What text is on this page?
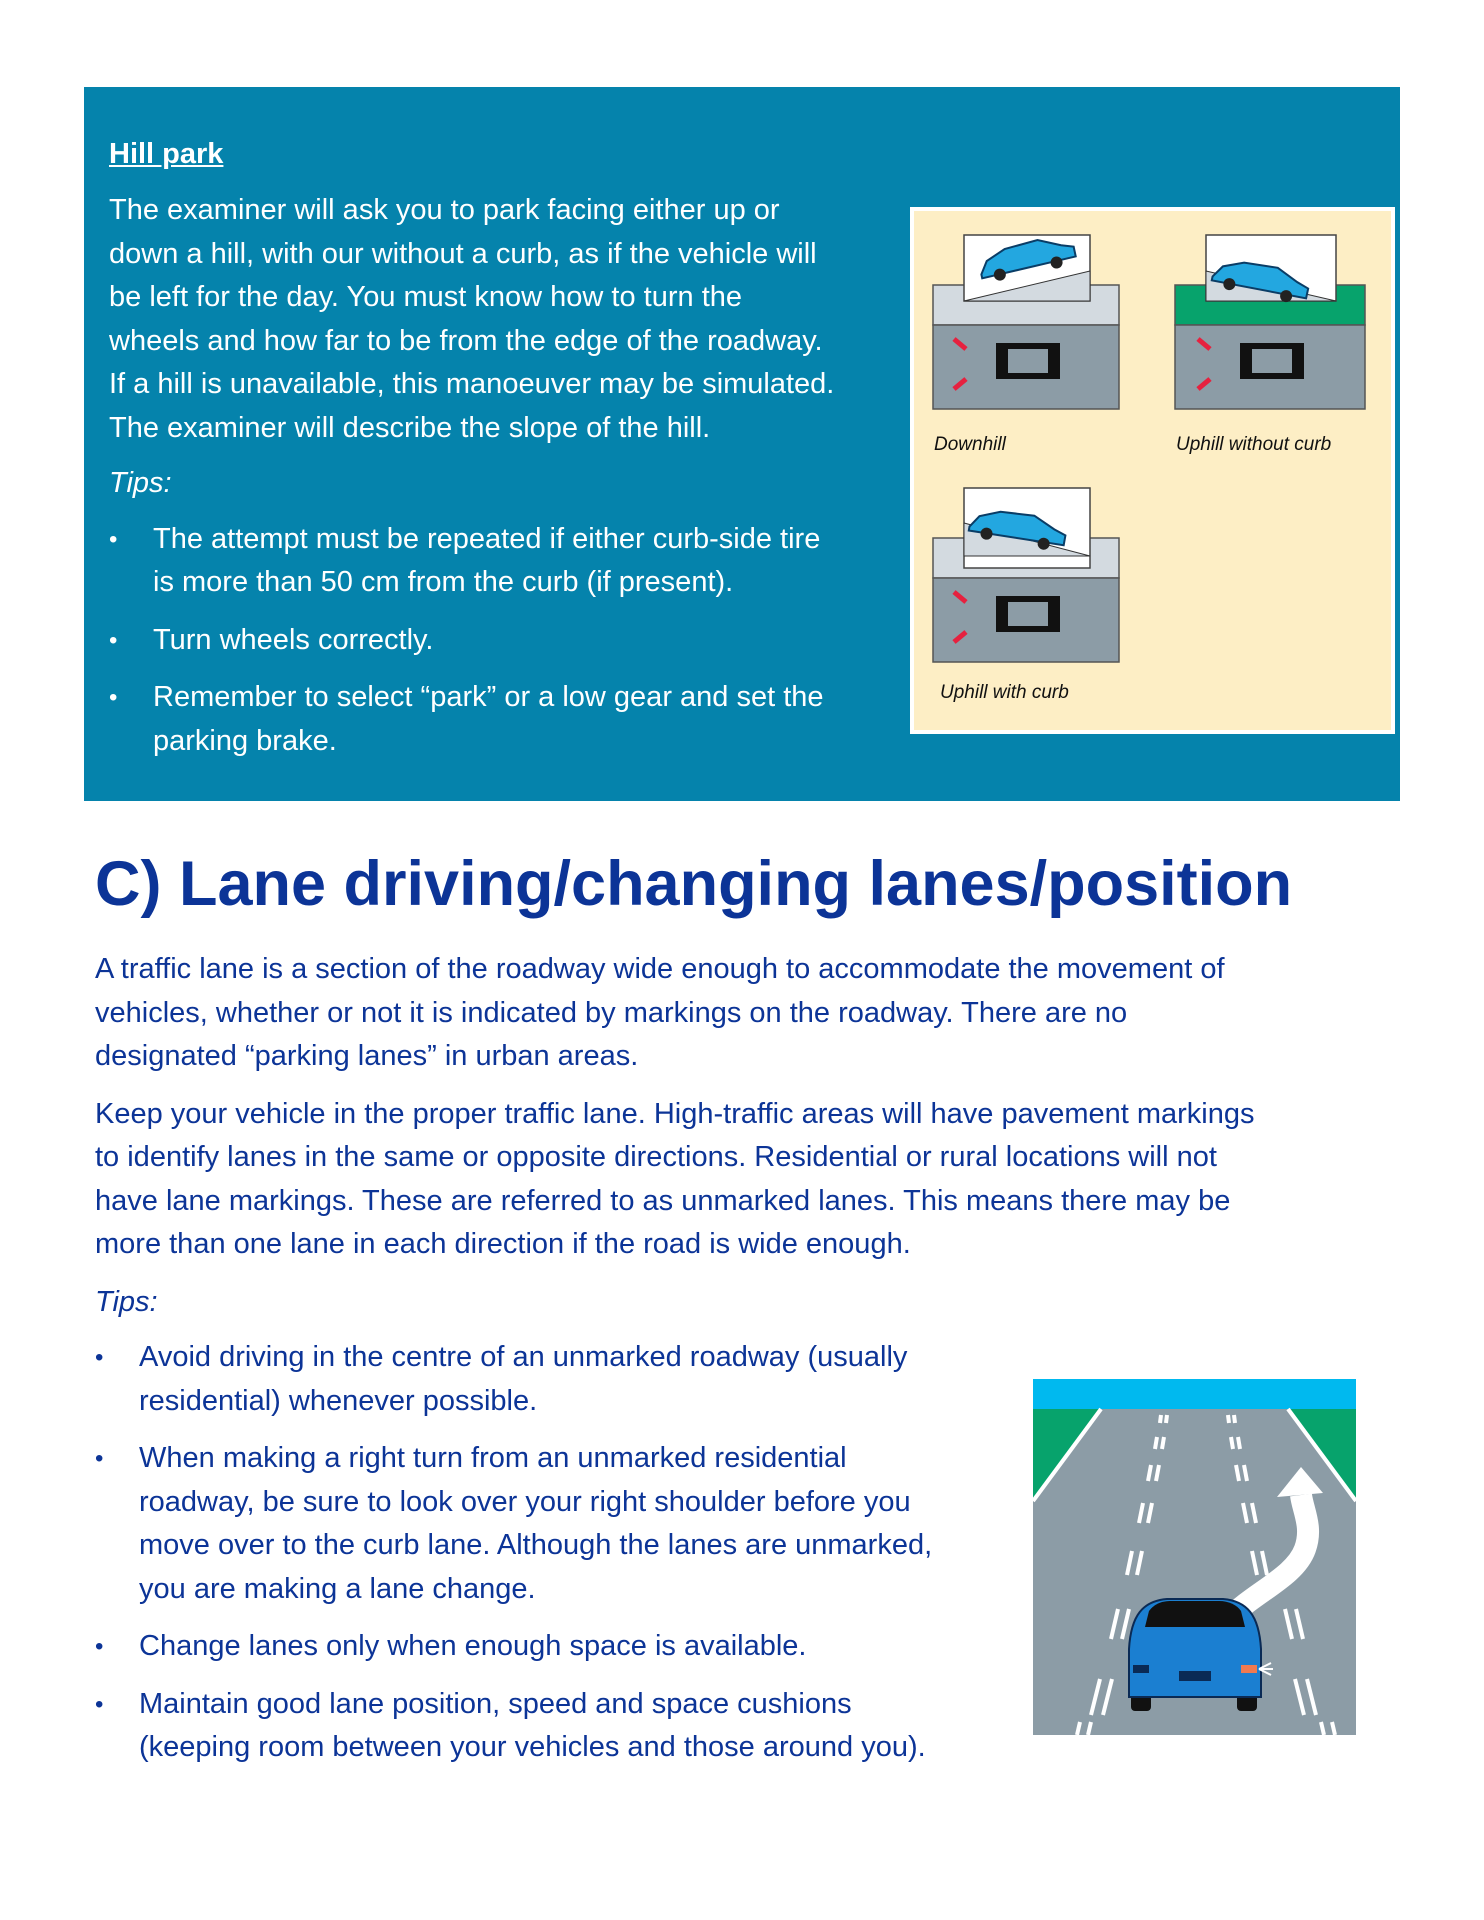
Hill park
The examiner will ask you to park facing either up or
down a hill, with our without a curb, as if the vehicle will
be left for the day. You must know how to turn the
wheels and how far to be from the edge of the roadway.
If a hill is unavailable, this manoeuver may be simulated.
The examiner will describe the slope of the hill.
Tips:
• The attempt must be repeated if either curb-side tire
is more than 50 cm from the curb (if present).
• Turn wheels correctly.
• Remember to select “park” or a low gear and set the
parking brake.
Downhill	Uphill without curb
Uphill with curb
C) Lane driving/changing lanes/position

A traffic lane is a section of the roadway wide enough to accommodate the movement of
vehicles, whether or not it is indicated by markings on the roadway. There are no
designated “parking lanes” in urban areas.

Keep your vehicle in the proper traffic lane. High-traffic areas will have pavement markings
to identify lanes in the same or opposite directions. Residential or rural locations will not
have lane markings. These are referred to as unmarked lanes. This means there may be
more than one lane in each direction if the road is wide enough.

Tips:
• Avoid driving in the centre of an unmarked roadway (usually
residential) whenever possible.
• When making a right turn from an unmarked residential
roadway, be sure to look over your right shoulder before you
move over to the curb lane. Although the lanes are unmarked,
you are making a lane change.
• Change lanes only when enough space is available.
• Maintain good lane position, speed and space cushions
(keeping room between your vehicles and those around you).
